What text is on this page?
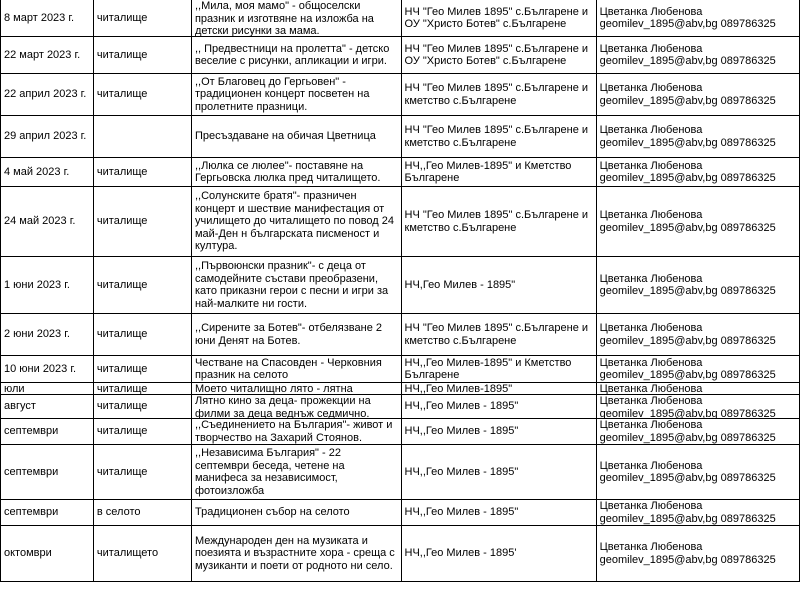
8 март 2023 г.	читалище	,,Мила, моя мамо" - общоселски празник и изготвяне на изложба на детски рисунки за мама.	НЧ "Гео Милев 1895" с.Българене и ОУ "Христо Ботев" с.Българене	Цветанка Любенова geomilev_1895@abv,bg 089786325

22 март 2023 г.	читалище	,, Предвестници на пролетта" - детско веселие с рисунки, апликации и игри.	НЧ "Гео Милев 1895" с.Българене и ОУ "Христо Ботев" с.Българене	Цветанка Любенова geomilev_1895@abv,bg 089786325

22 април 2023 г.	читалище	,,От Благовец до Гергьовен" - традиционен концерт посветен на пролетните празници.	НЧ "Гео Милев 1895" с.Българене и кметство с.Българене	Цветанка Любенова geomilev_1895@abv,bg 089786325

29 април 2023 г.		Пресъздаване на обичая Цветница	НЧ "Гео Милев 1895" с.Българене и кметство с.Българене	Цветанка Любенова geomilev_1895@abv,bg 089786325

4 май 2023 г.	читалище	,,Люлка се люлее"- поставяне на Гергьовска люлка пред читалището.	НЧ,,Гео Милев-1895" и Кметство Българене	Цветанка Любенова geomilev_1895@abv,bg 089786325

24 май 2023 г.	читалище	,,Солунските братя"- празничен концерт и шествие манифестация от училището до читалището по повод 24 май-Ден н българската писменост и култура.	НЧ "Гео Милев 1895" с.Българене и кметство с.Българене	Цветанка Любенова geomilev_1895@abv,bg 089786325

1 юни 2023 г.	читалище	,,Първоюнски празник"- с деца от самодейните състави преобразени, като приказни герои с песни и игри за най-малките ни гости.	НЧ,Гео Милев - 1895"	Цветанка Любенова geomilev_1895@abv,bg 089786325

2 юни 2023 г.	читалище	,,Сирените за Ботев"- отбелязване 2 юни Денят на Ботев.	НЧ "Гео Милев 1895" с.Българене и кметство с.Българене	Цветанка Любенова geomilev_1895@abv,bg 089786325

10 юни 2023 г.	читалище	Честване на Спасовден - Черковния празник на селото	НЧ,,Гео Милев-1895" и Кметство Българене	Цветанка Любенова geomilev_1895@abv,bg 089786325

юли	читалище	Моето читалищно лято - лятна	НЧ,,Гео Милев-1895"	Цветанка Любенова

август	читалище	Лятно кино за деца- прожекции на филми за деца веднъж седмично.	НЧ,,Гео Милев - 1895"	Цветанка Любенова geomilev_1895@abv,bg 089786325

септември	читалище	,,Съединението на България"- живот и творчество на Захарий Стоянов.	НЧ,,Гео Милев - 1895"	Цветанка Любенова geomilev_1895@abv,bg 089786325

септември	читалище	,,Независима България" - 22 септември беседа, четене на манифеса за независимост, фотоизложба	НЧ,,Гео Милев - 1895"	Цветанка Любенова geomilev_1895@abv,bg 089786325

септември	в селото	Традиционен събор на селото	НЧ,,Гео Милев - 1895"	Цветанка Любенова geomilev_1895@abv,bg 089786325

октомври	читалището	Международен ден на музиката и поезията и възрастните хора - среща с музиканти и поети от родното ни село.	НЧ,,Гео Милев - 1895'	Цветанка Любенова geomilev_1895@abv,bg 089786325
